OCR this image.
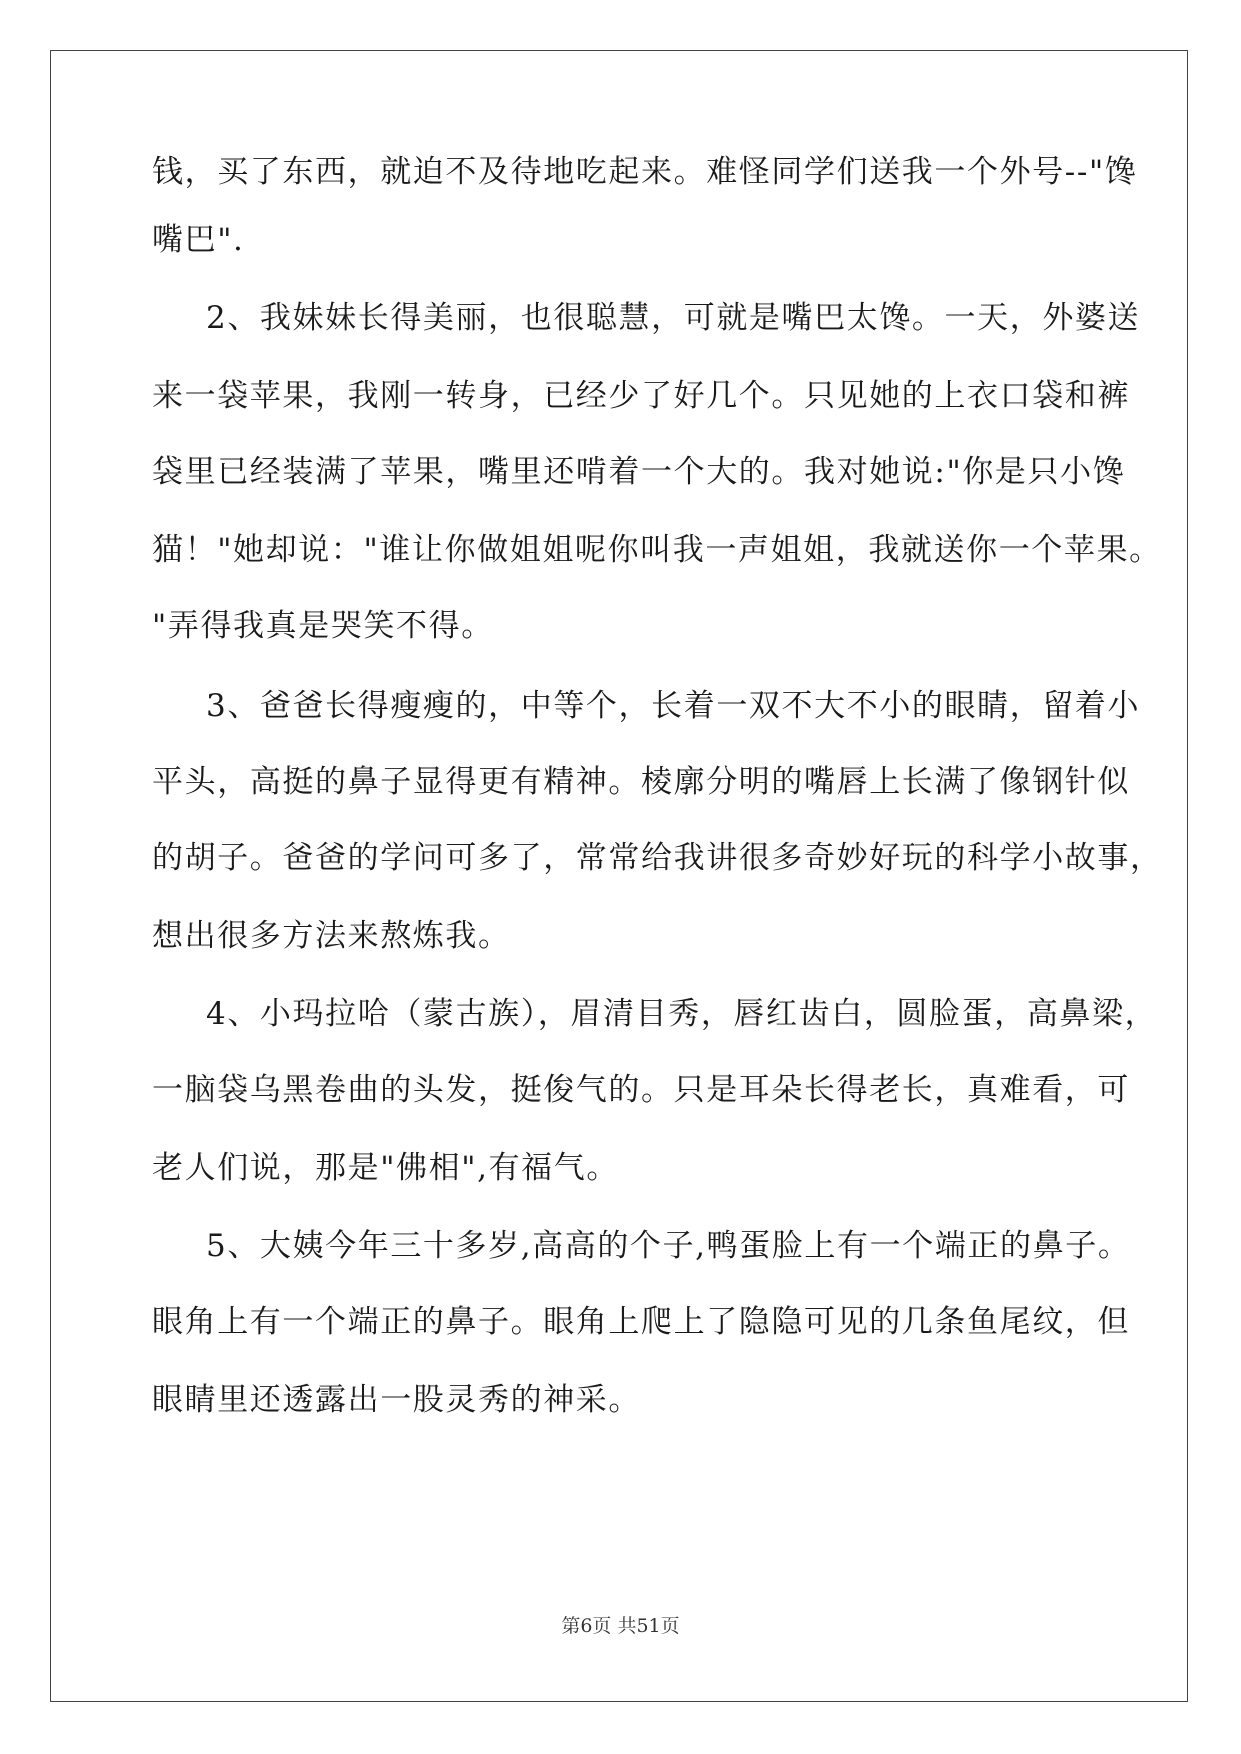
钱，买了东西，就迫不及待地吃起来。难怪同学们送我一个外号--"馋
嘴巴".
2、我妹妹长得美丽，也很聪慧，可就是嘴巴太馋。一天，外婆送
来一袋苹果，我刚一转身，已经少了好几个。只见她的上衣口袋和裤
袋里已经装满了苹果，嘴里还啃着一个大的。我对她说:"你是只小馋
猫！"她却说："谁让你做姐姐呢你叫我一声姐姐，我就送你一个苹果。
"弄得我真是哭笑不得。
3、爸爸长得瘦瘦的，中等个，长着一双不大不小的眼睛，留着小
平头，高挺的鼻子显得更有精神。棱廓分明的嘴唇上长满了像钢针似
的胡子。爸爸的学问可多了，常常给我讲很多奇妙好玩的科学小故事，
想出很多方法来熬炼我。
4、小玛拉哈（蒙古族），眉清目秀，唇红齿白，圆脸蛋，高鼻梁，
一脑袋乌黑卷曲的头发，挺俊气的。只是耳朵长得老长，真难看，可
老人们说，那是"佛相",有福气。
5、大姨今年三十多岁,高高的个子,鸭蛋脸上有一个端正的鼻子。
眼角上有一个端正的鼻子。眼角上爬上了隐隐可见的几条鱼尾纹，但
眼睛里还透露出一股灵秀的神采。
第6页 共51页
